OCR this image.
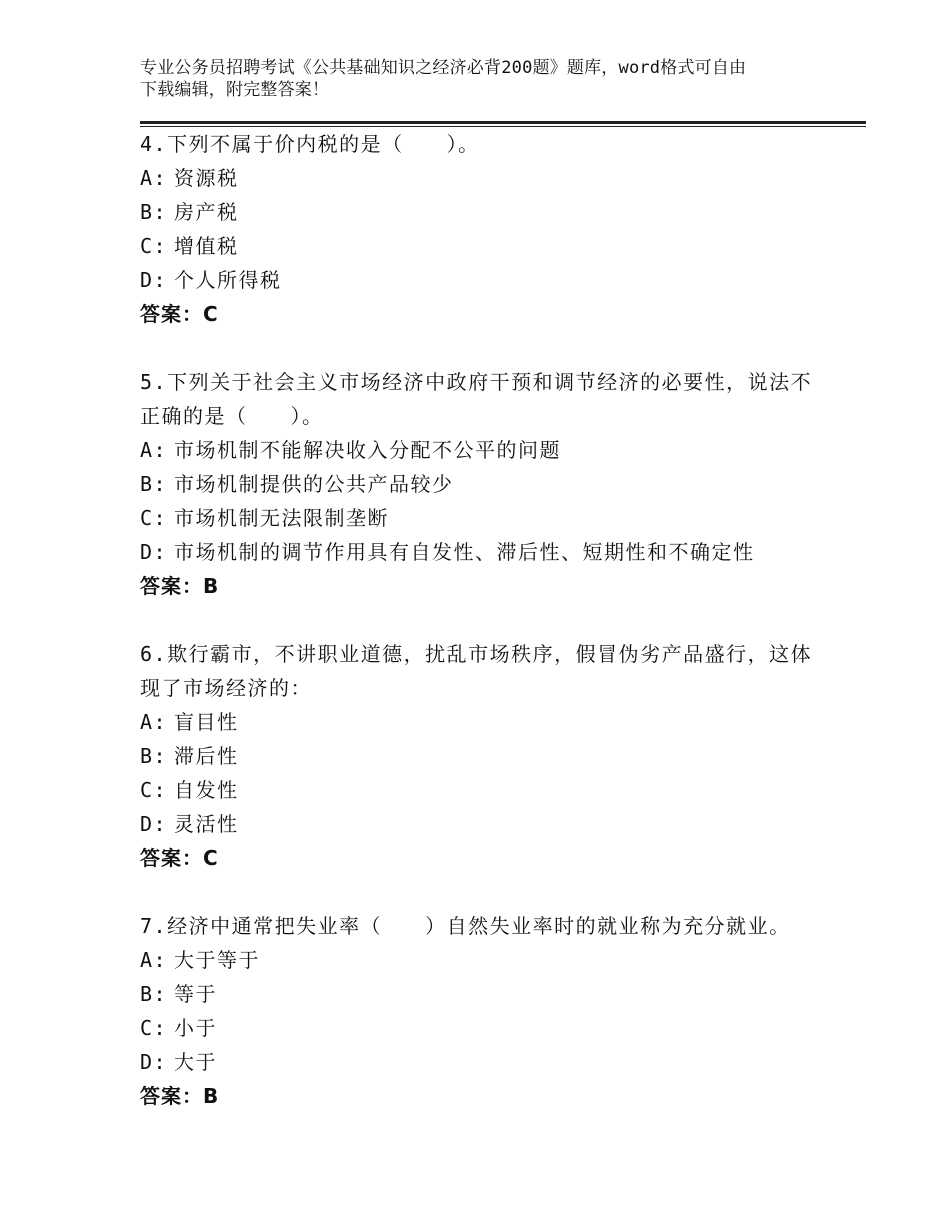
专业公务员招聘考试《公共基础知识之经济必背200题》题库，word格式可自由
下载编辑，附完整答案！

4.下列不属于价内税的是（　　）。

A: 资源税
B: 房产税
C: 增值税
D: 个人所得税
答案：C

5.下列关于社会主义市场经济中政府干预和调节经济的必要性，说法不正确的是（　　）。

A: 市场机制不能解决收入分配不公平的问题
B: 市场机制提供的公共产品较少
C: 市场机制无法限制垄断
D: 市场机制的调节作用具有自发性、滞后性、短期性和不确定性
答案：B

6.欺行霸市，不讲职业道德，扰乱市场秩序，假冒伪劣产品盛行，这体现了市场经济的：

A: 盲目性
B: 滞后性
C: 自发性
D: 灵活性
答案：C

7.经济中通常把失业率（　　）自然失业率时的就业称为充分就业。

A: 大于等于
B: 等于
C: 小于
D: 大于
答案：B
